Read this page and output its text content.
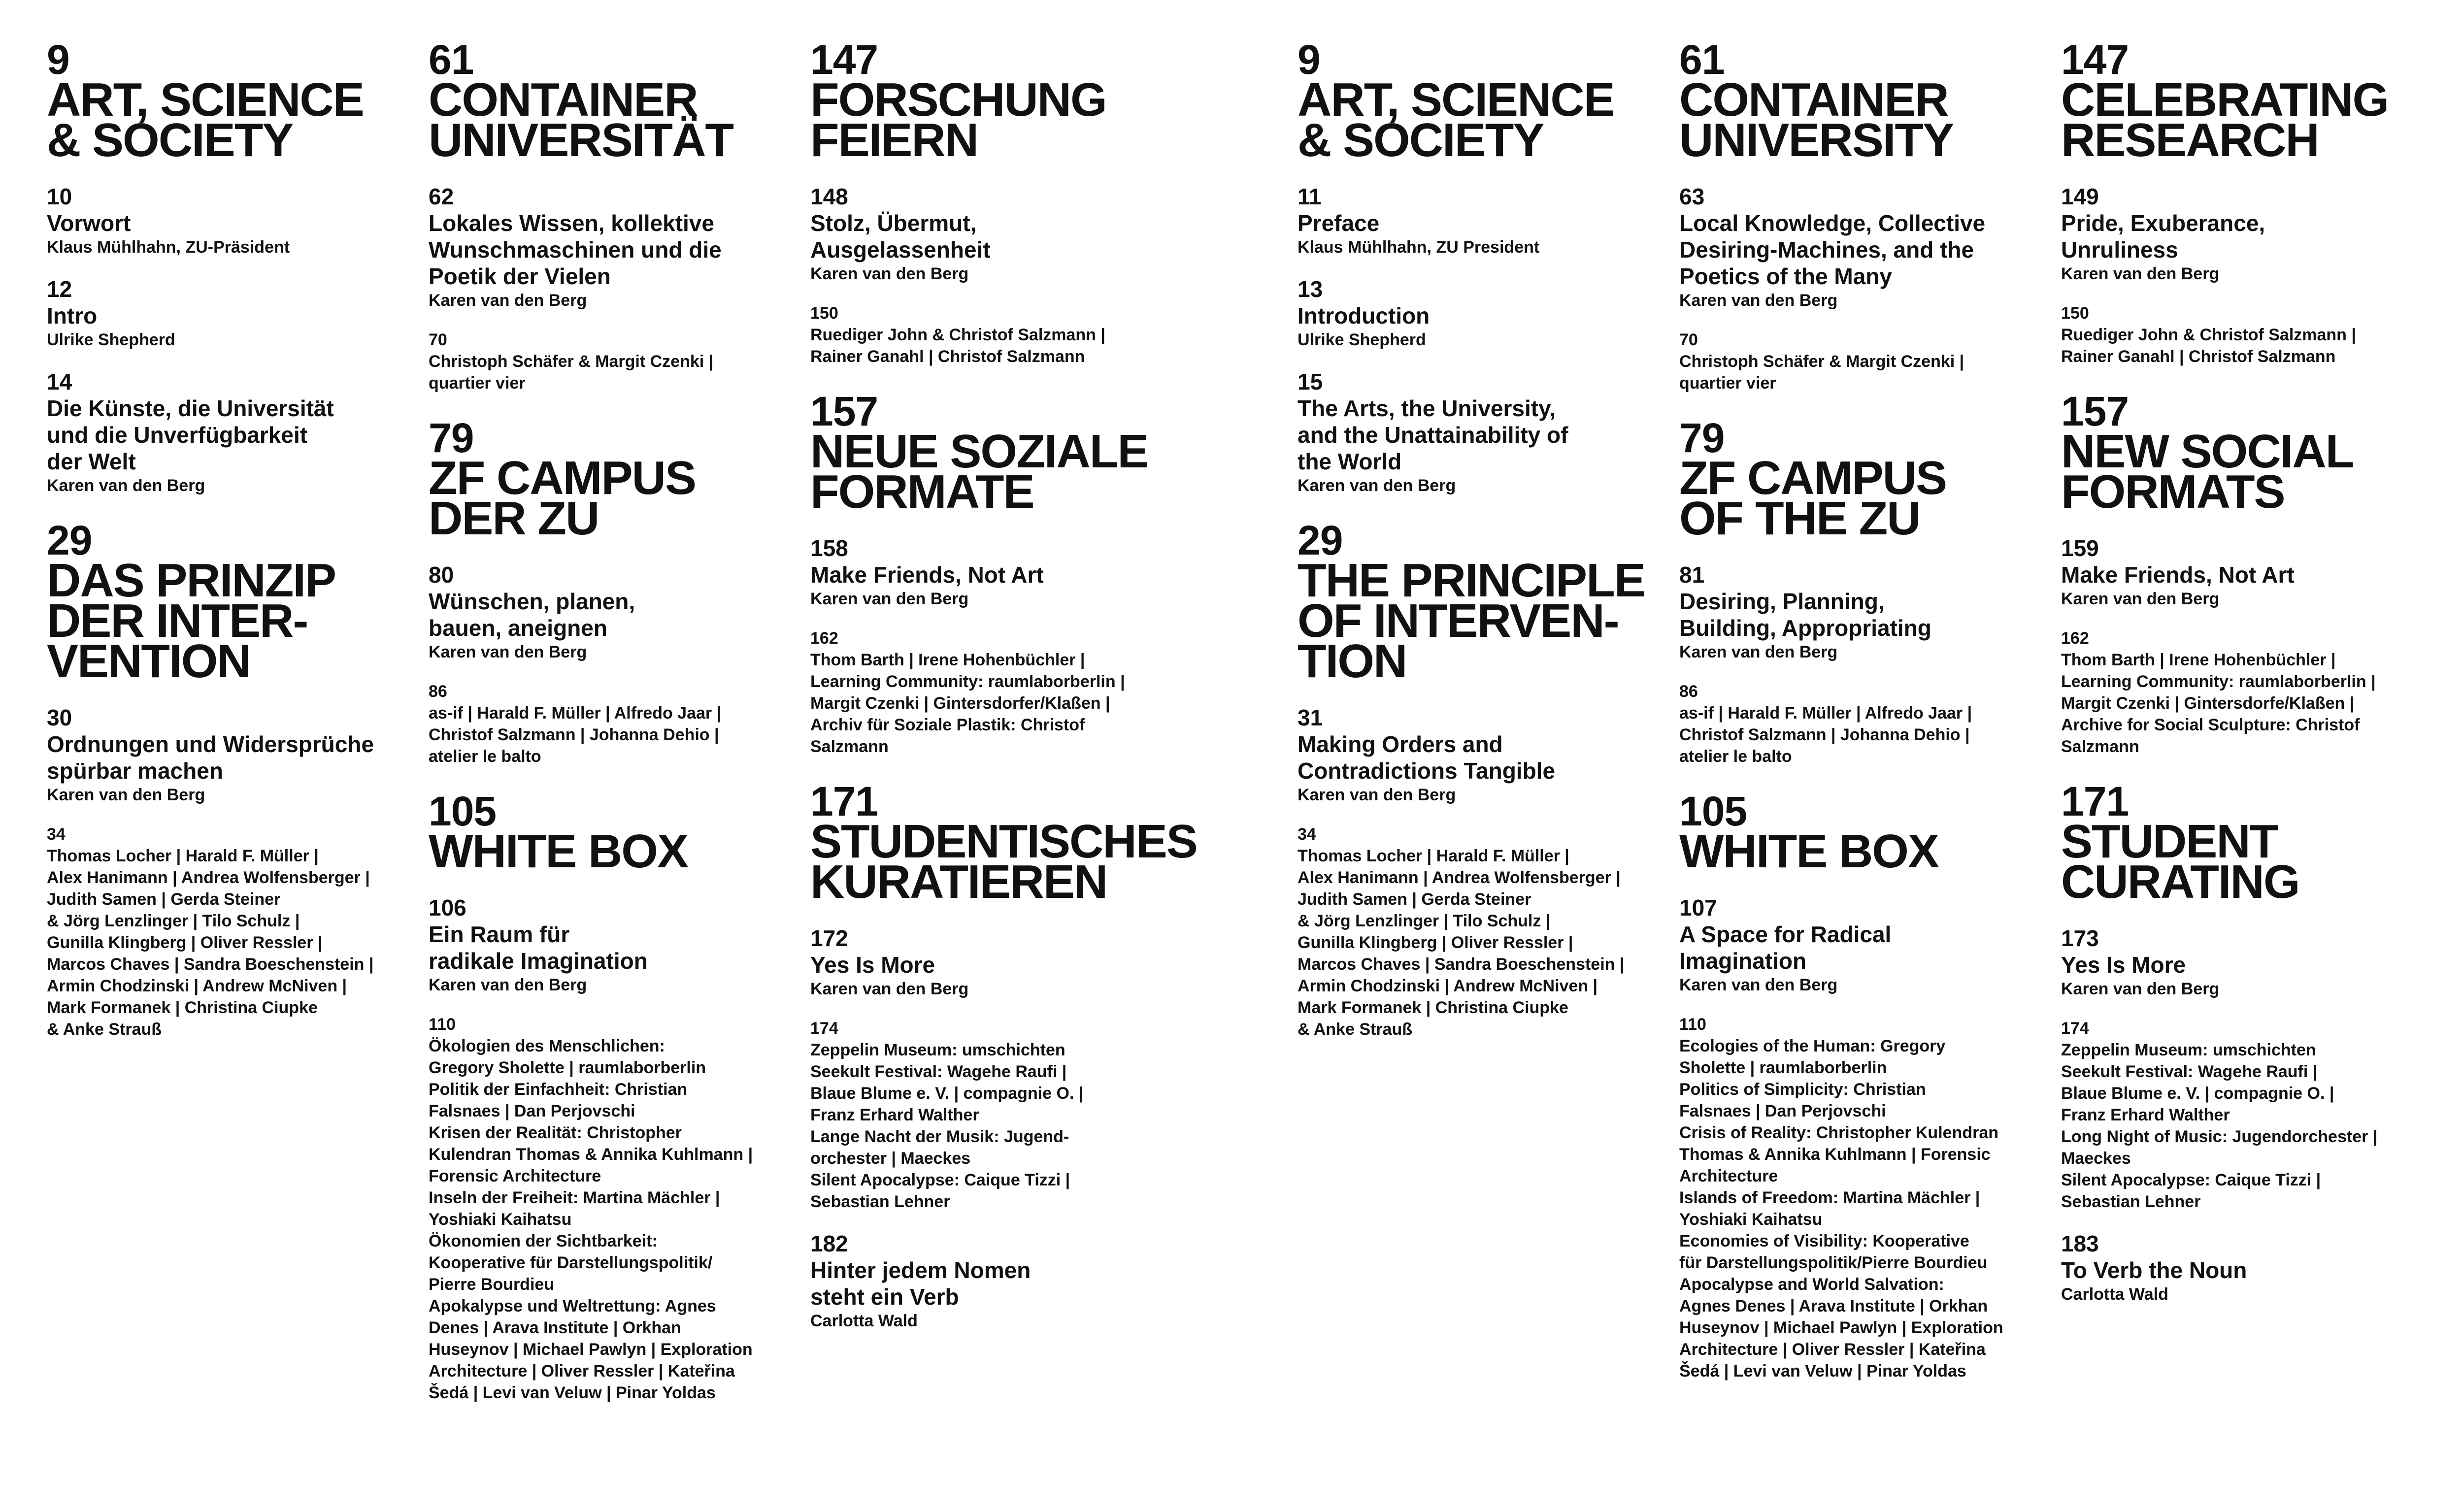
9
ART, SCIENCE
& SOCIETY
10
Vorwort
Klaus Mühlhahn, ZU-Präsident
12
Intro
Ulrike Shepherd
14
Die Künste, die Universität
und die Unverfügbarkeit
der Welt
Karen van den Berg
29
DAS PRINZIP
DER INTER-
VENTION
30
Ordnungen und Widersprüche
spürbar machen
Karen van den Berg
34
Thomas Locher | Harald F. Müller |
Alex Hanimann | Andrea Wolfensberger |
Judith Samen | Gerda Steiner
& Jörg Lenzlinger | Tilo Schulz |
Gunilla Klingberg | Oliver Ressler |
Marcos Chaves | Sandra Boeschenstein |
Armin Chodzinski | Andrew McNiven |
Mark Formanek | Christina Ciupke
& Anke Strauß
61
CONTAINER
UNIVERSITÄT
62
Lokales Wissen, kollektive
Wunschmaschinen und die
Poetik der Vielen
Karen van den Berg
70
Christoph Schäfer & Margit Czenki |
quartier vier
79
ZF CAMPUS
DER ZU
80
Wünschen, planen,
bauen, aneignen
Karen van den Berg
86
as-if | Harald F. Müller | Alfredo Jaar |
Christof Salzmann | Johanna Dehio |
atelier le balto
105
WHITE BOX
106
Ein Raum für
radikale Imagination
Karen van den Berg
110
Ökologien des Menschlichen:
Gregory Sholette | raumlaborberlin
Politik der Einfachheit: Christian
Falsnaes | Dan Perjovschi
Krisen der Realität: Christopher
Kulendran Thomas & Annika Kuhlmann |
Forensic Architecture
Inseln der Freiheit: Martina Mächler |
Yoshiaki Kaihatsu
Ökonomien der Sichtbarkeit:
Kooperative für Darstellungspolitik/
Pierre Bourdieu
Apokalypse und Weltrettung: Agnes
Denes | Arava Institute | Orkhan
Huseynov | Michael Pawlyn | Exploration
Architecture | Oliver Ressler | Kateřina
Šedá | Levi van Veluw | Pinar Yoldas
147
FORSCHUNG
FEIERN
148
Stolz, Übermut,
Ausgelassenheit
Karen van den Berg
150
Ruediger John & Christof Salzmann |
Rainer Ganahl | Christof Salzmann
157
NEUE SOZIALE
FORMATE
158
Make Friends, Not Art
Karen van den Berg
162
Thom Barth | Irene Hohenbüchler |
Learning Community: raumlaborberlin |
Margit Czenki | Gintersdorfer/Klaßen |
Archiv für Soziale Plastik: Christof
Salzmann
171
STUDENTISCHES
KURATIEREN
172
Yes Is More
Karen van den Berg
174
Zeppelin Museum: umschichten
Seekult Festival: Wagehe Raufi |
Blaue Blume e. V. | compagnie O. |
Franz Erhard Walther
Lange Nacht der Musik: Jugend-
orchester | Maeckes
Silent Apocalypse: Caique Tizzi |
Sebastian Lehner
182
Hinter jedem Nomen
steht ein Verb
Carlotta Wald
9
ART, SCIENCE
& SOCIETY
11
Preface
Klaus Mühlhahn, ZU President
13
Introduction
Ulrike Shepherd
15
The Arts, the University,
and the Unattainability of
the World
Karen van den Berg
29
THE PRINCIPLE
OF INTERVEN-
TION
31
Making Orders and
Contradictions Tangible
Karen van den Berg
34
Thomas Locher | Harald F. Müller |
Alex Hanimann | Andrea Wolfensberger |
Judith Samen | Gerda Steiner
& Jörg Lenzlinger | Tilo Schulz |
Gunilla Klingberg | Oliver Ressler |
Marcos Chaves | Sandra Boeschenstein |
Armin Chodzinski | Andrew McNiven |
Mark Formanek | Christina Ciupke
& Anke Strauß
61
CONTAINER
UNIVERSITY
63
Local Knowledge, Collective
Desiring-Machines, and the
Poetics of the Many
Karen van den Berg
70
Christoph Schäfer & Margit Czenki |
quartier vier
79
ZF CAMPUS
OF THE ZU
81
Desiring, Planning,
Building, Appropriating
Karen van den Berg
86
as-if | Harald F. Müller | Alfredo Jaar |
Christof Salzmann | Johanna Dehio |
atelier le balto
105
WHITE BOX
107
A Space for Radical
Imagination
Karen van den Berg
110
Ecologies of the Human: Gregory
Sholette | raumlaborberlin
Politics of Simplicity: Christian
Falsnaes | Dan Perjovschi
Crisis of Reality: Christopher Kulendran
Thomas & Annika Kuhlmann | Forensic
Architecture
Islands of Freedom: Martina Mächler |
Yoshiaki Kaihatsu
Economies of Visibility: Kooperative
für Darstellungspolitik/Pierre Bourdieu
Apocalypse and World Salvation:
Agnes Denes | Arava Institute | Orkhan
Huseynov | Michael Pawlyn | Exploration
Architecture | Oliver Ressler | Kateřina
Šedá | Levi van Veluw | Pinar Yoldas
147
CELEBRATING
RESEARCH
149
Pride, Exuberance,
Unruliness
Karen van den Berg
150
Ruediger John & Christof Salzmann |
Rainer Ganahl | Christof Salzmann
157
NEW SOCIAL
FORMATS
159
Make Friends, Not Art
Karen van den Berg
162
Thom Barth | Irene Hohenbüchler |
Learning Community: raumlaborberlin |
Margit Czenki | Gintersdorfe/Klaßen |
Archive for Social Sculpture: Christof
Salzmann
171
STUDENT
CURATING
173
Yes Is More
Karen van den Berg
174
Zeppelin Museum: umschichten
Seekult Festival: Wagehe Raufi |
Blaue Blume e. V. | compagnie O. |
Franz Erhard Walther
Long Night of Music: Jugendorchester |
Maeckes
Silent Apocalypse: Caique Tizzi |
Sebastian Lehner
183
To Verb the Noun
Carlotta Wald
